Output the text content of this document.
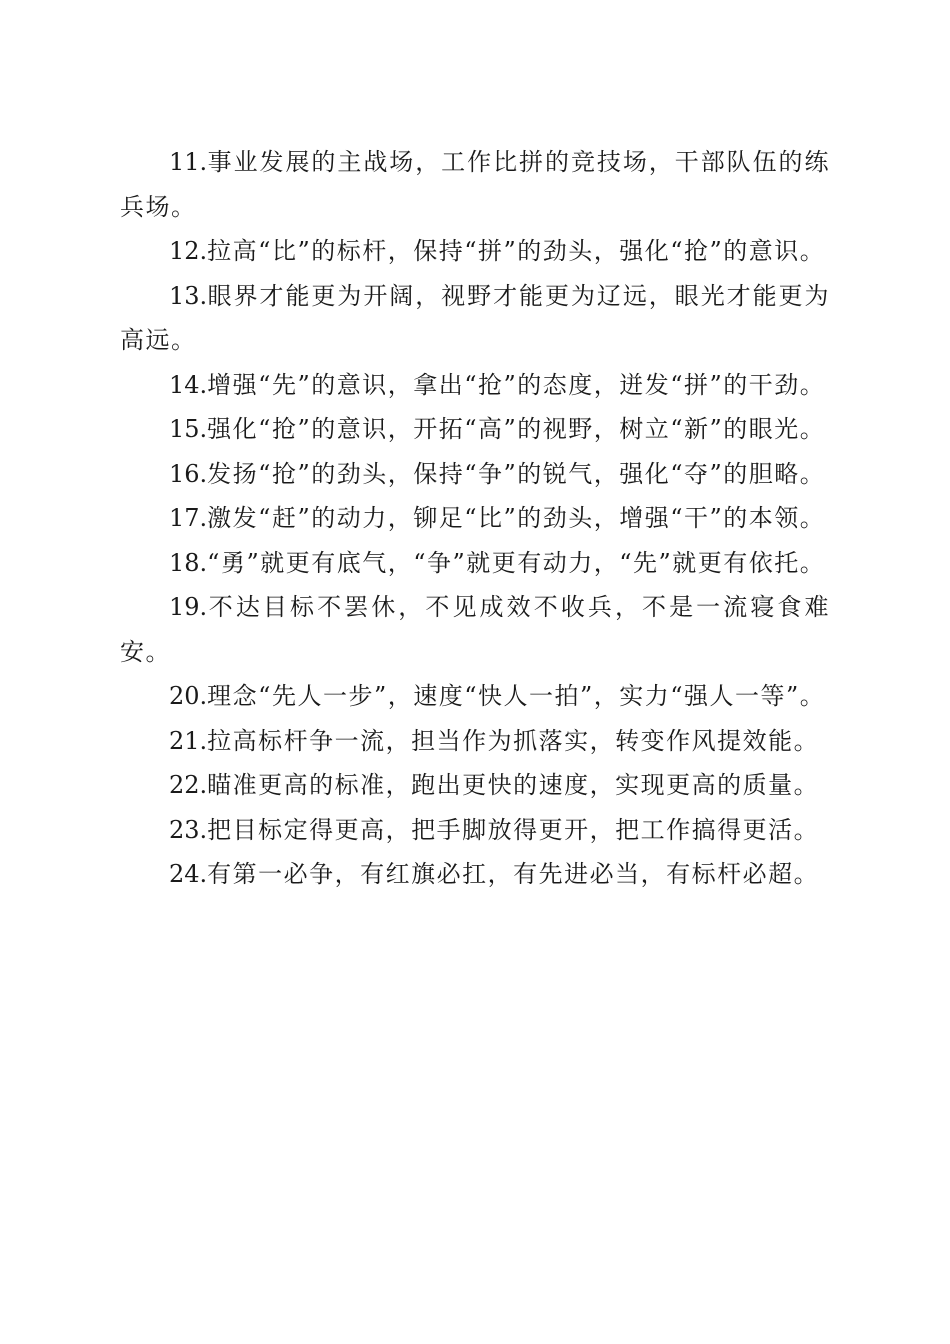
11.事业发展的主战场，工作比拼的竞技场，干部队伍的练兵场。

12.拉高“比”的标杆，保持“拼”的劲头，强化“抢”的意识。

13.眼界才能更为开阔，视野才能更为辽远，眼光才能更为高远。

14.增强“先”的意识，拿出“抢”的态度，迸发“拼”的干劲。

15.强化“抢”的意识，开拓“高”的视野，树立“新”的眼光。

16.发扬“抢”的劲头，保持“争”的锐气，强化“夺”的胆略。

17.激发“赶”的动力，铆足“比”的劲头，增强“干”的本领。

18.“勇”就更有底气，“争”就更有动力，“先”就更有依托。

19.不达目标不罢休，不见成效不收兵，不是一流寝食难安。

20.理念“先人一步”，速度“快人一拍”，实力“强人一等”。

21.拉高标杆争一流，担当作为抓落实，转变作风提效能。

22.瞄准更高的标准，跑出更快的速度，实现更高的质量。

23.把目标定得更高，把手脚放得更开，把工作搞得更活。

24.有第一必争，有红旗必扛，有先进必当，有标杆必超。
